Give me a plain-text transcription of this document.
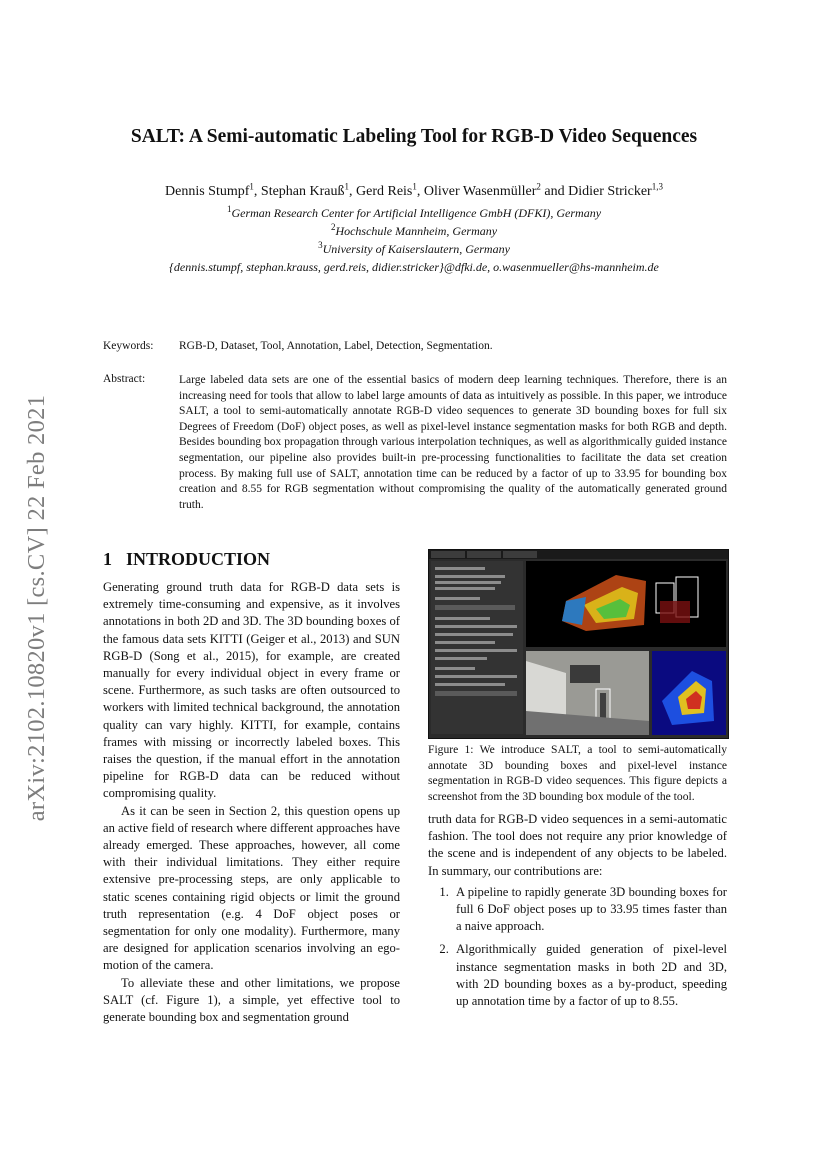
arXiv:2102.10820v1 [cs.CV] 22 Feb 2021
SALT: A Semi-automatic Labeling Tool for RGB-D Video Sequences
Dennis Stumpf$^1$, Stephan Krauß$^1$, Gerd Reis$^1$, Oliver Wasenmüller$^2$ and Didier Stricker$^{1,3}$
$^1$German Research Center for Artificial Intelligence GmbH (DFKI), Germany
$^2$Hochschule Mannheim, Germany
$^3$University of Kaiserslautern, Germany
{dennis.stumpf, stephan.krauss, gerd.reis, didier.stricker}@dfki.de, o.wasenmueller@hs-mannheim.de
Keywords: RGB-D, Dataset, Tool, Annotation, Label, Detection, Segmentation.
Abstract:	Large labeled data sets are one of the essential basics of modern deep learning techniques. Therefore, there is an increasing need for tools that allow to label large amounts of data as intuitively as possible. In this paper, we introduce SALT, a tool to semi-automatically annotate RGB-D video sequences to generate 3D bounding boxes for full six Degrees of Freedom (DoF) object poses, as well as pixel-level instance segmentation masks for both RGB and depth. Besides bounding box propagation through various interpolation techniques, as well as algorithmically guided instance segmentation, our pipeline also provides built-in pre-processing functionalities to facilitate the data set creation process. By making full use of SALT, annotation time can be reduced by a factor of up to 33.95 for bounding box creation and 8.55 for RGB segmentation without compromising the quality of the automatically generated ground truth.
1 INTRODUCTION

Generating ground truth data for RGB-D data sets is extremely time-consuming and expensive, as it involves annotations in both 2D and 3D. The 3D bounding boxes of the famous data sets KITTI (Geiger et al., 2013) and SUN RGB-D (Song et al., 2015), for example, are created manually for every individual object in every frame or scene. Furthermore, as such tasks are often outsourced to workers with limited technical background, the annotation quality can vary highly. KITTI, for example, contains frames with missing or incorrectly labeled boxes. This raises the question, if the manual effort in the annotation pipeline for RGB-D data can be reduced without compromising quality.

As it can be seen in Section 2, this question opens up an active field of research where different approaches have already emerged. These approaches, however, all come with their individual limitations. They either require extensive pre-processing steps, are only applicable to static scenes containing rigid objects or limit the ground truth representation (e.g. 4 DoF object poses or segmentation for only one modality). Furthermore, many are designed for application scenarios involving an ego-motion of the camera.

To alleviate these and other limitations, we propose SALT (cf. Figure 1), a simple, yet effective tool to generate bounding box and segmentation ground

Figure 1: We introduce SALT, a tool to semi-automatically annotate 3D bounding boxes and pixel-level instance segmentation in RGB-D video sequences. This figure depicts a screenshot from the 3D bounding box module of the tool.

truth data for RGB-D video sequences in a semi-automatic fashion. The tool does not require any prior knowledge of the scene and is independent of any objects to be labeled. In summary, our contributions are:

1. A pipeline to rapidly generate 3D bounding boxes for full 6 DoF object poses up to 33.95 times faster than a naive approach.
2. Algorithmically guided generation of pixel-level instance segmentation masks in both 2D and 3D, with 2D bounding boxes as a by-product, speeding up annotation time by a factor of up to 8.55.
